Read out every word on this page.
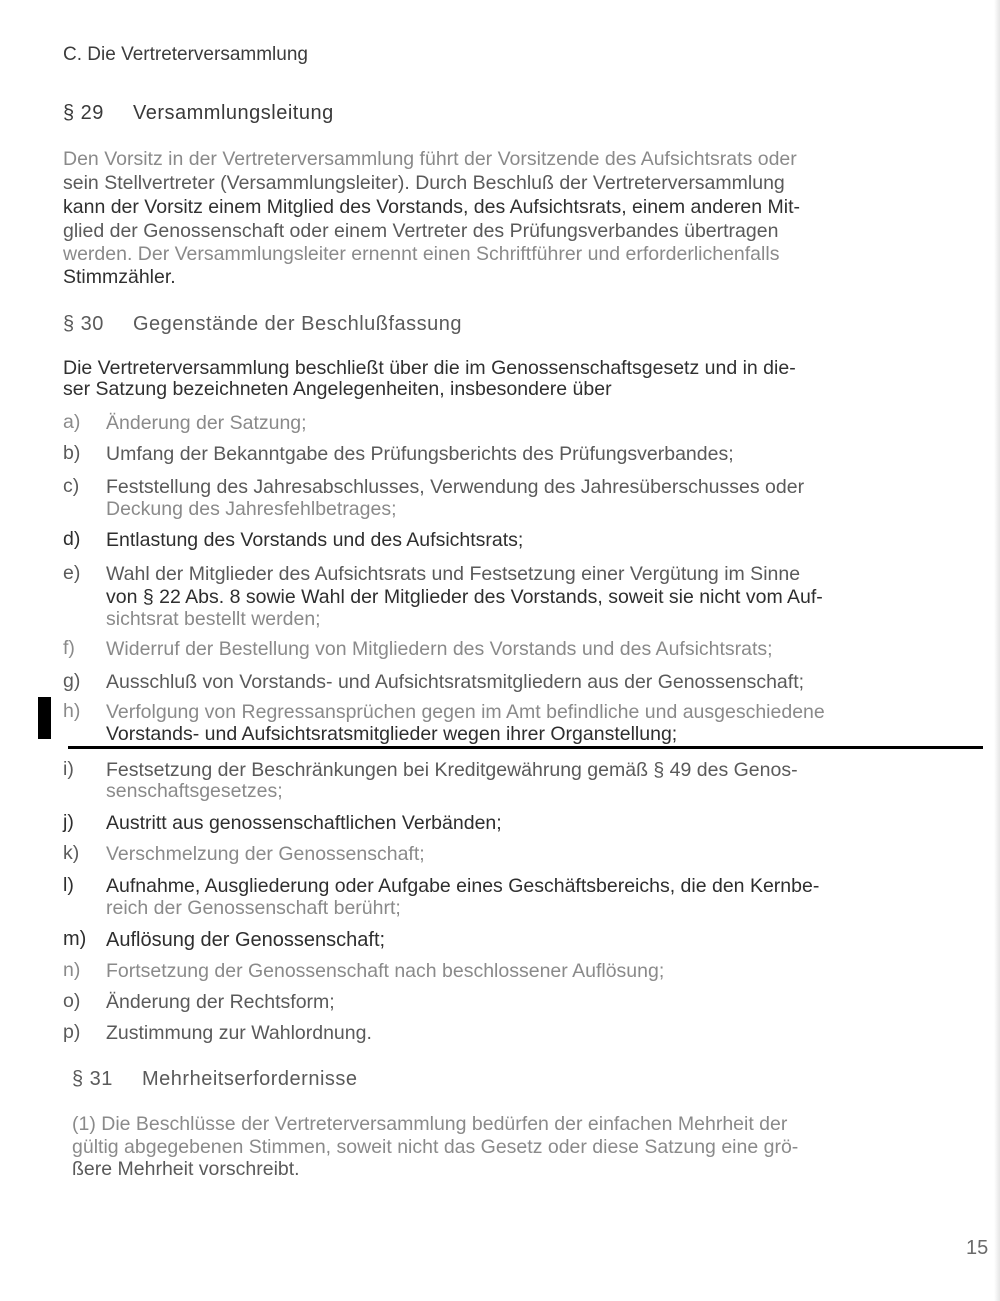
C. Die Vertreterversammlung
§ 29 Versammlungsleitung
Den Vorsitz in der Vertreterversammlung führt der Vorsitzende des Aufsichtsrats oder
sein Stellvertreter (Versammlungsleiter). Durch Beschluß der Vertreterversammlung
kann der Vorsitz einem Mitglied des Vorstands, des Aufsichtsrats, einem anderen Mit-
glied der Genossenschaft oder einem Vertreter des Prüfungsverbandes übertragen
werden. Der Versammlungsleiter ernennt einen Schriftführer und erforderlichenfalls
Stimmzähler.
§ 30 Gegenstände der Beschlußfassung
Die Vertreterversammlung beschließt über die im Genossenschaftsgesetz und in die-
ser Satzung bezeichneten Angelegenheiten, insbesondere über
a) Änderung der Satzung;
b) Umfang der Bekanntgabe des Prüfungsberichts des Prüfungsverbandes;
c) Feststellung des Jahresabschlusses, Verwendung des Jahresüberschusses oder
Deckung des Jahresfehlbetrages;
d) Entlastung des Vorstands und des Aufsichtsrats;
e) Wahl der Mitglieder des Aufsichtsrats und Festsetzung einer Vergütung im Sinne
von § 22 Abs. 8 sowie Wahl der Mitglieder des Vorstands, soweit sie nicht vom Auf-
sichtsrat bestellt werden;
f) Widerruf der Bestellung von Mitgliedern des Vorstands und des Aufsichtsrats;
g) Ausschluß von Vorstands- und Aufsichtsratsmitgliedern aus der Genossenschaft;
h) Verfolgung von Regressansprüchen gegen im Amt befindliche und ausgeschiedene
Vorstands- und Aufsichtsratsmitglieder wegen ihrer Organstellung;
i) Festsetzung der Beschränkungen bei Kreditgewährung gemäß § 49 des Genos-
senschaftsgesetzes;
j) Austritt aus genossenschaftlichen Verbänden;
k) Verschmelzung der Genossenschaft;
l) Aufnahme, Ausgliederung oder Aufgabe eines Geschäftsbereichs, die den Kernbe-
reich der Genossenschaft berührt;
m) Auflösung der Genossenschaft;
n) Fortsetzung der Genossenschaft nach beschlossener Auflösung;
o) Änderung der Rechtsform;
p) Zustimmung zur Wahlordnung.
§ 31 Mehrheitserfordernisse
(1) Die Beschlüsse der Vertreterversammlung bedürfen der einfachen Mehrheit der
gültig abgegebenen Stimmen, soweit nicht das Gesetz oder diese Satzung eine grö-
ßere Mehrheit vorschreibt.
15
